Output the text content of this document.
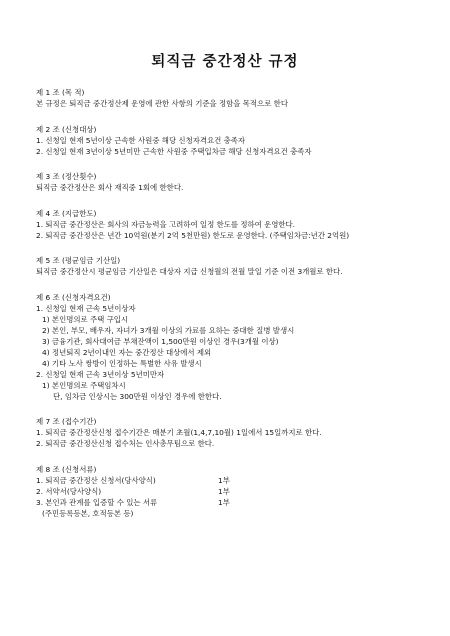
퇴직금 중간정산 규정

제 1 조 (목 적)

본 규정은 퇴직금 중간정산제 운영에 관한 사항의 기준을 정함을 목적으로 한다

제 2 조 (신청대상)

1. 신청일 현재 5년이상 근속한 사원중 해당 신청자격요건 충족자

2. 신청일 현재 3년이상 5년미만 근속한 사원중 주택입차금 해당 신청자격요건 충족자

제 3 조 (정산횟수)

퇴직금 중간정산은 회사 재직중 1회에 한한다.

제 4 조 (지급한도)

1. 퇴직금 중간정산은 회사의 자금능력을 고려하여 일정 한도를 정하여 운영한다.

2. 퇴직금 중간정산은 년간 10억원(분기 2억 5천만원) 한도로 운영한다. (주택임차금:년간 2억원)

제 5 조 (평균임금 기산일)

퇴직금 중간정산시 평균임금 기산일은 대상자 지급 신청월의 전월 말일 기준 이전 3개월로 한다.

제 6 조 (신청자격요건)

1. 신청일 현재 근속 5년이상자

1) 본인명의로 주택 구입시

2) 본인, 부모, 배우자, 자녀가 3개월 이상의 가료를 요하는 중대한 질병 발생시

3) 금융기관, 회사대여금 부채잔액이 1,500만원 이상인 경우(3개월 이상)

4) 정년퇴직 2년이내인 자는 중간정산 대상에서 제외

4) 기타 노사 쌍방이 인정하는 특별한 사유 발생시

2. 신청일 현재 근속 3년이상 5년미만자

1) 본인명의로 주택임차시

단, 임차금 인상시는 300만원 이상인 경우에 한한다.

제 7 조 (접수기간)

1. 퇴직금 중간정산신청 접수기간은 매분기 초월(1,4,7,10월) 1일에서 15일까지로 한다.

2. 퇴직금 중간정산신청 접수처는 인사총무팀으로 한다.

제 8 조 (신청서류)

1. 퇴직금 중간정산 신청서(당사양식)	1부

2. 서약서(당사양식)	1부

3. 본인과 관계를 입증할 수 있는 서류	1부

(주민등록등본, 호적등본 등)
